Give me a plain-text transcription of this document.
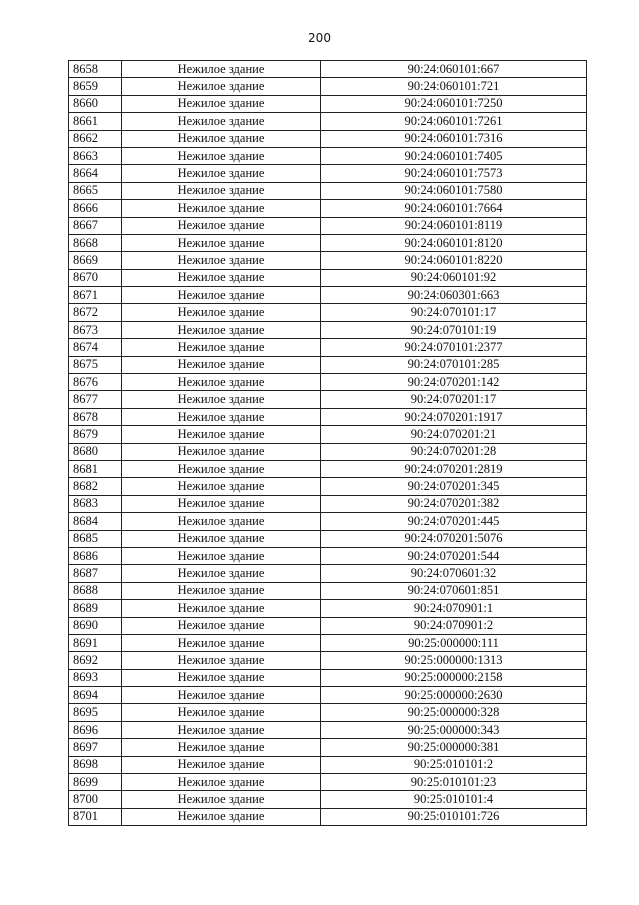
200
8658	Нежилое здание	90:24:060101:667
8659	Нежилое здание	90:24:060101:721
8660	Нежилое здание	90:24:060101:7250
8661	Нежилое здание	90:24:060101:7261
8662	Нежилое здание	90:24:060101:7316
8663	Нежилое здание	90:24:060101:7405
8664	Нежилое здание	90:24:060101:7573
8665	Нежилое здание	90:24:060101:7580
8666	Нежилое здание	90:24:060101:7664
8667	Нежилое здание	90:24:060101:8119
8668	Нежилое здание	90:24:060101:8120
8669	Нежилое здание	90:24:060101:8220
8670	Нежилое здание	90:24:060101:92
8671	Нежилое здание	90:24:060301:663
8672	Нежилое здание	90:24:070101:17
8673	Нежилое здание	90:24:070101:19
8674	Нежилое здание	90:24:070101:2377
8675	Нежилое здание	90:24:070101:285
8676	Нежилое здание	90:24:070201:142
8677	Нежилое здание	90:24:070201:17
8678	Нежилое здание	90:24:070201:1917
8679	Нежилое здание	90:24:070201:21
8680	Нежилое здание	90:24:070201:28
8681	Нежилое здание	90:24:070201:2819
8682	Нежилое здание	90:24:070201:345
8683	Нежилое здание	90:24:070201:382
8684	Нежилое здание	90:24:070201:445
8685	Нежилое здание	90:24:070201:5076
8686	Нежилое здание	90:24:070201:544
8687	Нежилое здание	90:24:070601:32
8688	Нежилое здание	90:24:070601:851
8689	Нежилое здание	90:24:070901:1
8690	Нежилое здание	90:24:070901:2
8691	Нежилое здание	90:25:000000:111
8692	Нежилое здание	90:25:000000:1313
8693	Нежилое здание	90:25:000000:2158
8694	Нежилое здание	90:25:000000:2630
8695	Нежилое здание	90:25:000000:328
8696	Нежилое здание	90:25:000000:343
8697	Нежилое здание	90:25:000000:381
8698	Нежилое здание	90:25:010101:2
8699	Нежилое здание	90:25:010101:23
8700	Нежилое здание	90:25:010101:4
8701	Нежилое здание	90:25:010101:726
